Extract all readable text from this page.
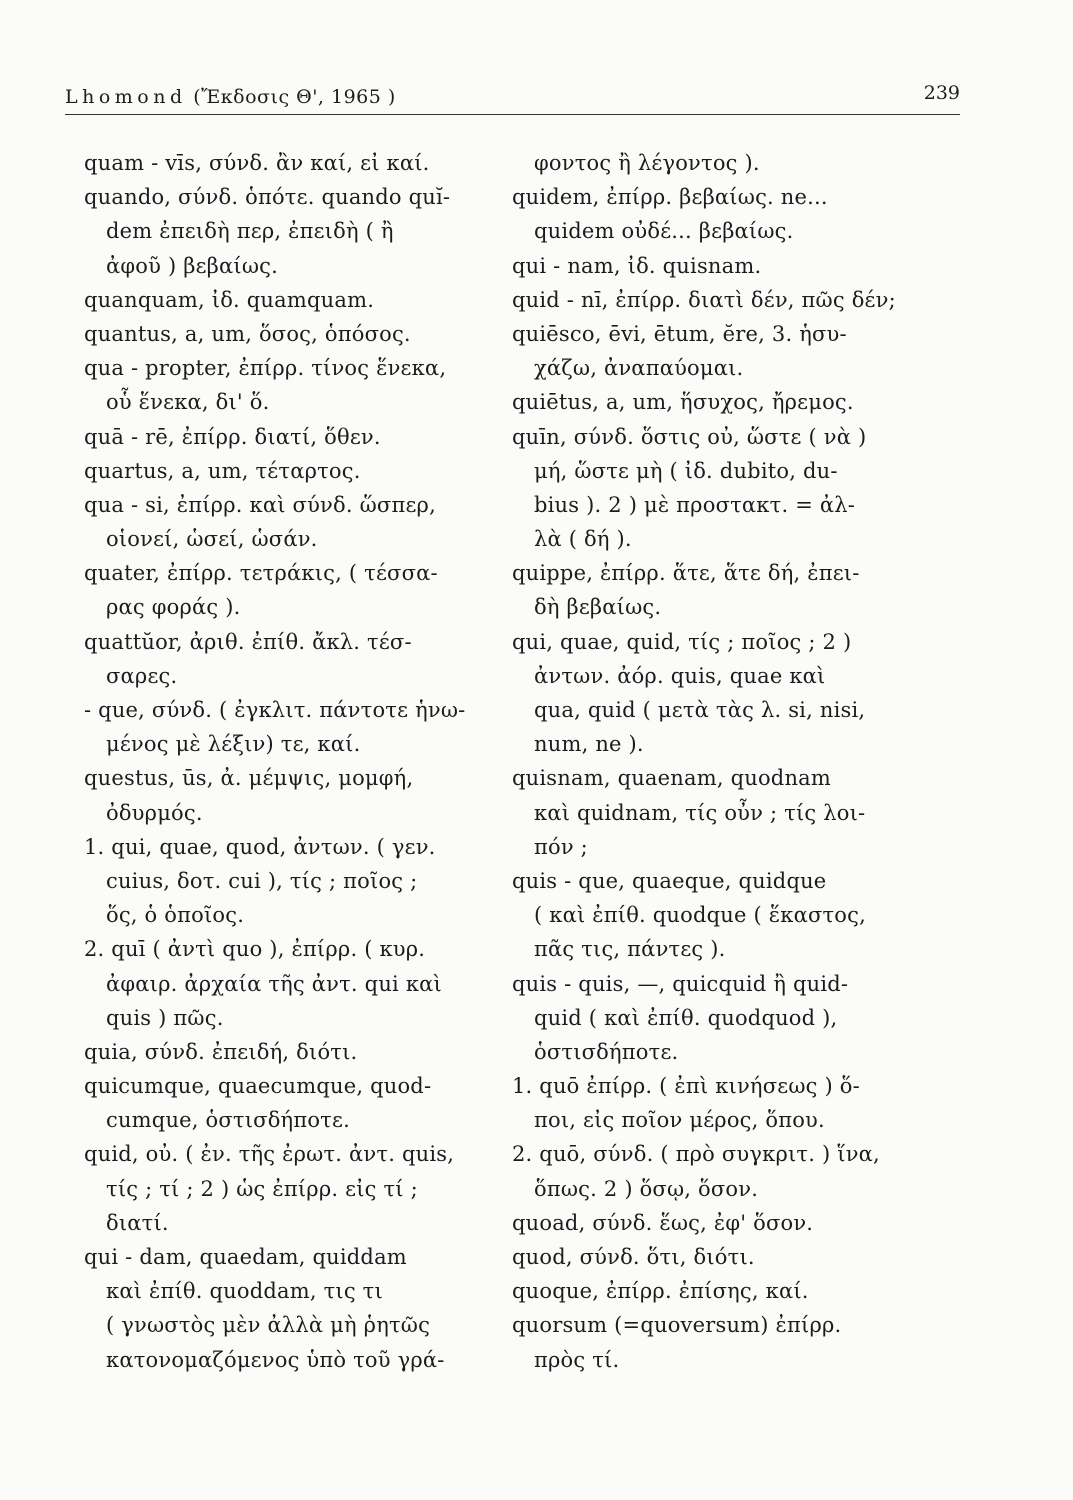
Lhomond (Ἔκδοσις Θ', 1965 )	239
quam - vīs, σύνδ. ἂν καί, εἰ καί.
quando, σύνδ. ὁπότε. quando quĭ-
dem ἐπειδὴ περ, ἐπειδὴ ( ἢ
ἀφοῦ ) βεβαίως.
quanquam, ἰδ. quamquam.
quantus, a, um, ὅσος, ὁπόσος.
qua - propter, ἐπίρρ. τίνος ἕνεκα,
οὗ ἕνεκα, δι' ὅ.
quā - rē, ἐπίρρ. διατί, ὅθεν.
quartus, a, um, τέταρτος.
qua - si, ἐπίρρ. καὶ σύνδ. ὥσπερ,
οἱονεί, ὡσεί, ὡσάν.
quater, ἐπίρρ. τετράκις, ( τέσσα-
ρας φοράς ).
quattŭor, ἀριθ. ἐπίθ. ἄκλ. τέσ-
σαρες.
- que, σύνδ. ( ἐγκλιτ. πάντοτε ἡνω-
μένος μὲ λέξιν) τε, καί.
questus, ūs, ἀ. μέμψις, μομφή,
ὀδυρμός.
1. qui, quae, quod, ἀντων. ( γεν.
cuius, δοτ. cui ), τίς ; ποῖος ;
ὅς, ὁ ὁποῖος.
2. quī ( ἀντὶ quo ), ἐπίρρ. ( κυρ.
ἀφαιρ. ἀρχαία τῆς ἀντ. qui καὶ
quis ) πῶς.
quia, σύνδ. ἐπειδή, διότι.
quicumque, quaecumque, quod-
cumque, ὁστισδήποτε.
quid, οὐ. ( ἐν. τῆς ἐρωτ. ἀντ. quis,
τίς ; τί ; 2 ) ὡς ἐπίρρ. εἰς τί ;
διατί.
qui - dam, quaedam, quiddam
καὶ ἐπίθ. quoddam, τις τι
( γνωστὸς μὲν ἀλλὰ μὴ ῥητῶς
κατονομαζόμενος ὑπὸ τοῦ γρά-
φοντος ἢ λέγοντος ).
quidem, ἐπίρρ. βεβαίως. ne...
quidem οὐδέ... βεβαίως.
qui - nam, ἰδ. quisnam.
quid - nī, ἐπίρρ. διατὶ δέν, πῶς δέν;
quiēsco, ēvi, ētum, ĕre, 3. ἡσυ-
χάζω, ἀναπαύομαι.
quiētus, a, um, ἥσυχος, ἤρεμος.
quīn, σύνδ. ὅστις οὐ, ὥστε ( νὰ )
μή, ὥστε μὴ ( ἰδ. dubito, du-
bius ). 2 ) μὲ προστακτ. = ἀλ-
λὰ ( δή ).
quippe, ἐπίρρ. ἅτε, ἅτε δή, ἐπει-
δὴ βεβαίως.
qui, quae, quid, τίς ; ποῖος ; 2 )
ἀντων. ἀόρ. quis, quae καὶ
qua, quid ( μετὰ τὰς λ. si, nisi,
num, ne ).
quisnam, quaenam, quodnam
καὶ quidnam, τίς οὖν ; τίς λοι-
πόν ;
quis - que, quaeque, quidque
( καὶ ἐπίθ. quodque ( ἕκαστος,
πᾶς τις, πάντες ).
quis - quis, —, quicquid ἢ quid-
quid ( καὶ ἐπίθ. quodquod ),
ὁστισδήποτε.
1. quō ἐπίρρ. ( ἐπὶ κινήσεως ) ὅ-
ποι, εἰς ποῖον μέρος, ὅπου.
2. quō, σύνδ. ( πρὸ συγκριτ. ) ἵνα,
ὅπως. 2 ) ὅσῳ, ὅσον.
quoad, σύνδ. ἕως, ἐφ' ὅσον.
quod, σύνδ. ὅτι, διότι.
quoque, ἐπίρρ. ἐπίσης, καί.
quorsum (=quoversum) ἐπίρρ.
πρὸς τί.
